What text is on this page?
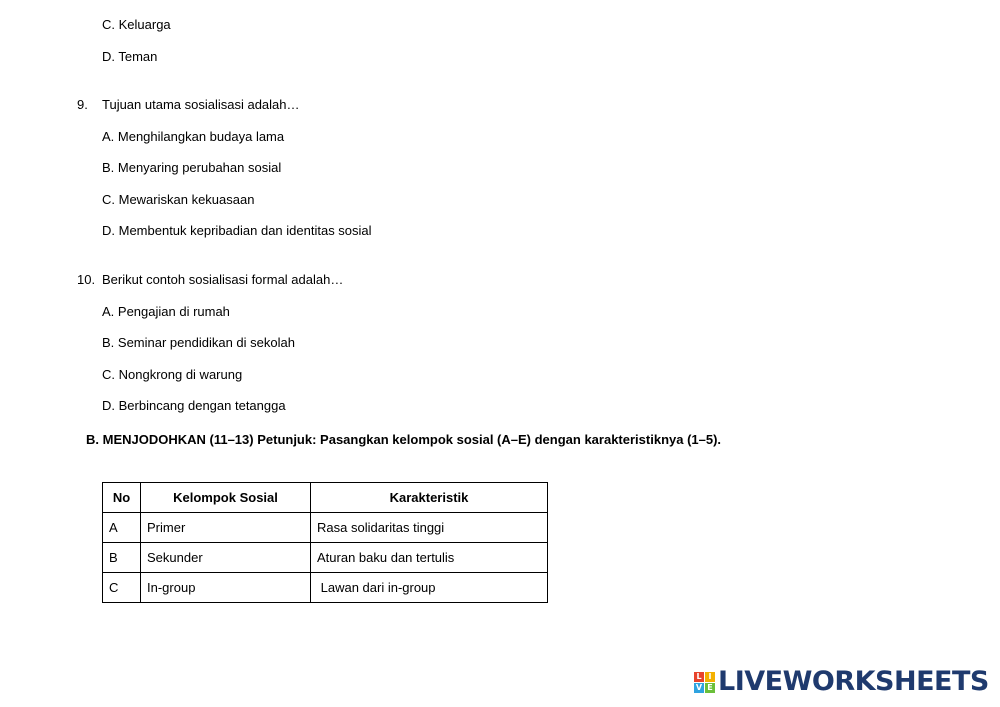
C. Keluarga
D. Teman
9. Tujuan utama sosialisasi adalah…
A. Menghilangkan budaya lama
B. Menyaring perubahan sosial
C. Mewariskan kekuasaan
D. Membentuk kepribadian dan identitas sosial
10. Berikut contoh sosialisasi formal adalah…
A. Pengajian di rumah
B. Seminar pendidikan di sekolah
C. Nongkrong di warung
D. Berbincang dengan tetangga
B. MENJODOHKAN (11–13) Petunjuk: Pasangkan kelompok sosial (A–E) dengan karakteristiknya (1–5).
No	Kelompok Sosial	Karakteristik
A	Primer	Rasa solidaritas tinggi
B	Sekunder	Aturan baku dan tertulis
C	In-group	Lawan dari in-group
L I
V E LIVEWORKSHEETS
